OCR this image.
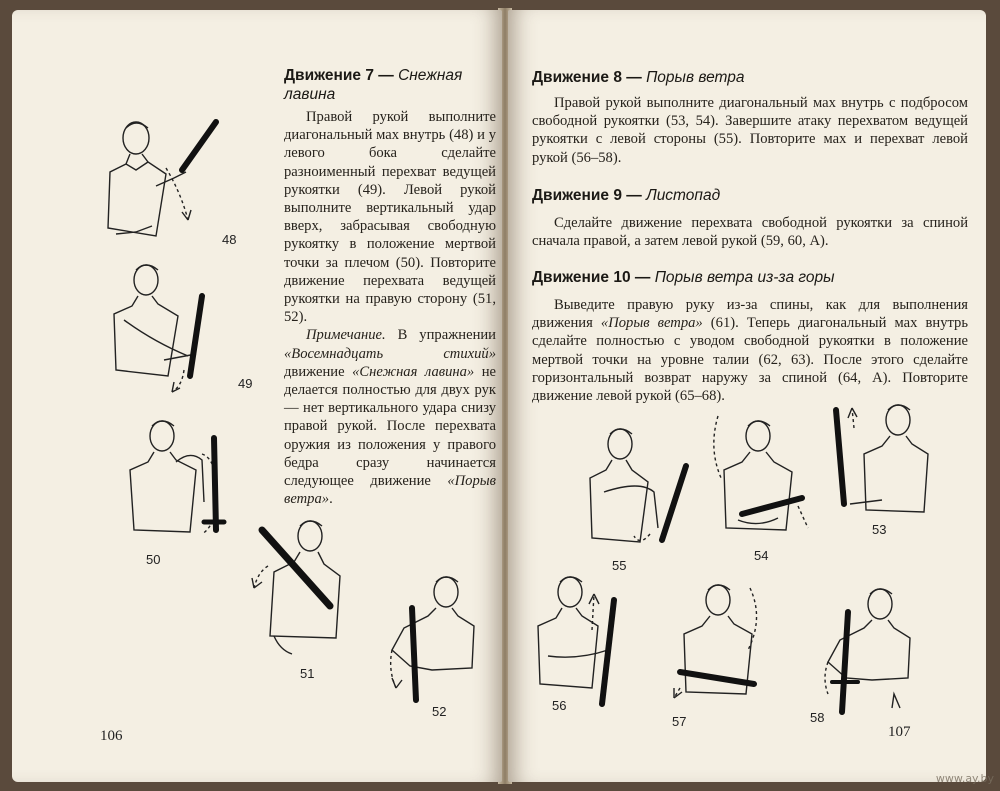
Движение 7 — Снежная лавина

Правой рукой выполните диагональный мах внутрь (48) и у левого бока сделайте разноименный перехват ведущей рукоятки (49). Левой рукой выполните вертикальный удар вверх, забрасывая свободную рукоятку в положение мертвой точки за плечом (50). Повторите движение перехвата ведущей рукоятки на правую сторону (51, 52).

Примечание. В упражнении «Восемнадцать стихий» движение «Снежная лавина» не делается полностью для двух рук — нет вертикального удара снизу правой рукой. После перехвата оружия из положения у правого бедра сразу начинается следующее движение «Порыв ветра».

48
49
50
51
52
106
Движение 8 — Порыв ветра

Правой рукой выполните диагональный мах внутрь с подбросом свободной рукоятки (53, 54). Завершите атаку перехватом ведущей рукоятки с левой стороны (55). Повторите мах и перехват левой рукой (56–58).

Движение 9 — Листопад

Сделайте движение перехвата свободной рукоятки за спиной сначала правой, а затем левой рукой (59, 60, А).

Движение 10 — Порыв ветра из-за горы

Выведите правую руку из-за спины, как для выполнения движения «Порыв ветра» (61). Теперь диагональный мах внутрь сделайте полностью с уводом свободной рукоятки в положение мертвой точки на уровне талии (62, 63). После этого сделайте горизонтальный возврат наружу за спиной (64, А). Повторите движение левой рукой (65–68).

55
54
53
56
57	58
107
www.ay.by
